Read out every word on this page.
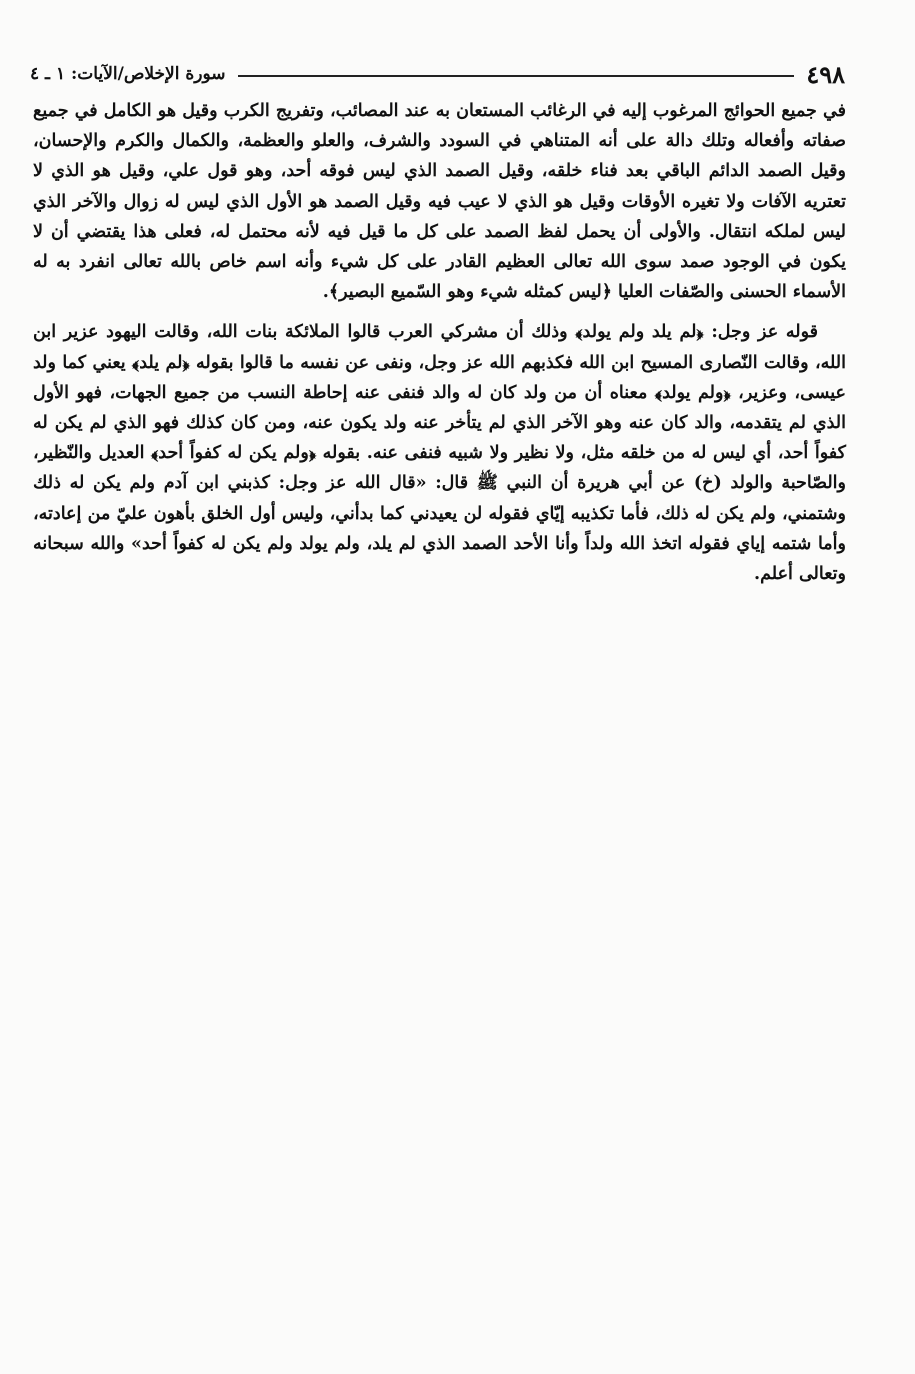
٤٩٨
سورة الإخلاص/الآيات: ١ ـ ٤

في جميع الحوائج المرغوب إليه في الرغائب المستعان به عند المصائب، وتفريج الكرب وقيل هو الكامل في جميع صفاته وأفعاله وتلك دالة على أنه المتناهي في السودد والشرف، والعلو والعظمة، والكمال والكرم والإحسان، وقيل الصمد الدائم الباقي بعد فناء خلقه، وقيل الصمد الذي ليس فوقه أحد، وهو قول علي، وقيل هو الذي لا تعتريه الآفات ولا تغيره الأوقات وقيل هو الذي لا عيب فيه وقيل الصمد هو الأول الذي ليس له زوال والآخر الذي ليس لملكه انتقال. والأولى أن يحمل لفظ الصمد على كل ما قيل فيه لأنه محتمل له، فعلى هذا يقتضي أن لا يكون في الوجود صمد سوى الله تعالى العظيم القادر على كل شيء وأنه اسم خاص بالله تعالى انفرد به له الأسماء الحسنى والصّفات العليا ﴿ليس كمثله شيء وهو السّميع البصير﴾.

قوله عز وجل: ﴿لم يلد ولم يولد﴾ وذلك أن مشركي العرب قالوا الملائكة بنات الله، وقالت اليهود عزير ابن الله، وقالت النّصارى المسيح ابن الله فكذبهم الله عز وجل، ونفى عن نفسه ما قالوا بقوله ﴿لم يلد﴾ يعني كما ولد عيسى، وعزير، ﴿ولم يولد﴾ معناه أن من ولد كان له والد فنفى عنه إحاطة النسب من جميع الجهات، فهو الأول الذي لم يتقدمه، والد كان عنه وهو الآخر الذي لم يتأخر عنه ولد يكون عنه، ومن كان كذلك فهو الذي لم يكن له كفواً أحد، أي ليس له من خلقه مثل، ولا نظير ولا شبيه فنفى عنه. بقوله ﴿ولم يكن له كفواً أحد﴾ العديل والنّظير، والصّاحبة والولد (خ) عن أبي هريرة أن النبي ﷺ قال: «قال الله عز وجل: كذبني ابن آدم ولم يكن له ذلك وشتمني، ولم يكن له ذلك، فأما تكذيبه إيّاي فقوله لن يعيدني كما بدأني، وليس أول الخلق بأهون عليّ من إعادته، وأما شتمه إياي فقوله اتخذ الله ولداً وأنا الأحد الصمد الذي لم يلد، ولم يولد ولم يكن له كفواً أحد» والله سبحانه وتعالى أعلم.
